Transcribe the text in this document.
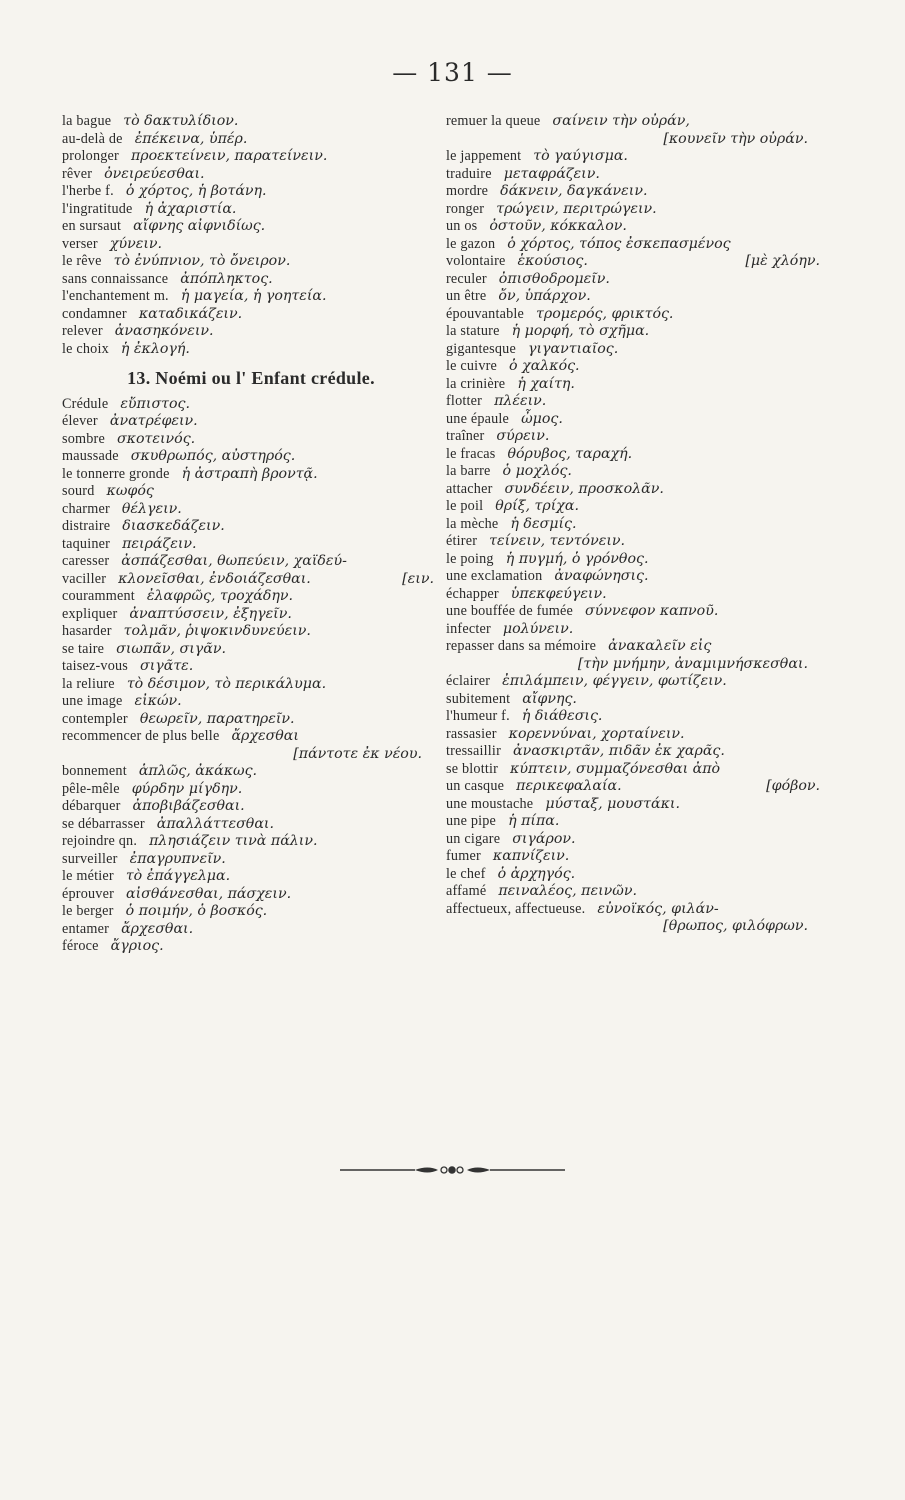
— 131 —
la bague τὸ δακτυλίδιον.
au-delà de ἐπέκεινα, ὑπέρ.
prolonger προεκτείνειν, παρατείνειν.
rêver ὀνειρεύεσθαι.
l'herbe f. ὁ χόρτος, ἡ βοτάνη.
l'ingratitude ἡ ἀχαριστία.
en sursaut αἴφνης αἰφνιδίως.
verser χύνειν.
le rêve τὸ ἐνύπνιον, τὸ ὄνειρον.
sans connaissance ἀπόπληκτος.
l'enchantement m. ἡ μαγεία, ἡ γοητεία.
condamner καταδικάζειν.
relever ἀνασηκόνειν.
le choix ἡ ἐκλογή.
13. Noémi ou l' Enfant crédule.
Crédule εὔπιστος.
élever ἀνατρέφειν.
sombre σκοτεινός.
maussade σκυθρωπός, αὐστηρός.
le tonnerre gronde ἡ ἀστραπὴ βροντᾷ.
sourd κωφός
charmer θέλγειν.
distraire διασκεδάζειν.
taquiner πειράζειν.
caresser ἀσπάζεσθαι, θωπεύειν, χαϊδεύ-
vaciller κλονεῖσθαι, ἐνδοιάζεσθαι.	[ειν.
couramment ἐλαφρῶς, τροχάδην.
expliquer ἀναπτύσσειν, ἐξηγεῖν.
hasarder τολμᾶν, ῥιψοκινδυνεύειν.
se taire σιωπᾶν, σιγᾶν.
taisez-vous σιγᾶτε.
la reliure τὸ δέσιμον, τὸ περικάλυμα.
une image εἰκών.
contempler θεωρεῖν, παρατηρεῖν.
recommencer de plus belle ἄρχεσθαι
[πάντοτε ἐκ νέου.
bonnement ἁπλῶς, ἀκάκως.
pêle-mêle φύρδην μίγδην.
débarquer ἀποβιβάζεσθαι.
se débarrasser ἀπαλλάττεσθαι.
rejoindre qn. πλησιάζειν τινὰ πάλιν.
surveiller ἐπαγρυπνεῖν.
le métier τὸ ἐπάγγελμα.
éprouver αἰσθάνεσθαι, πάσχειν.
le berger ὁ ποιμήν, ὁ βοσκός.
entamer ἄρχεσθαι.
féroce ἄγριος.
remuer la queue σαίνειν τὴν οὐράν,
[κουνεῖν τὴν οὐράν.
le jappement τὸ γαύγισμα.
traduire μεταφράζειν.
mordre δάκνειν, δαγκάνειν.
ronger τρώγειν, περιτρώγειν.
un os ὀστοῦν, κόκκαλον.
le gazon ὁ χόρτος, τόπος ἐσκεπασμένος
volontaire ἑκούσιος.	[μὲ χλόην.
reculer ὀπισθοδρομεῖν.
un être ὄν, ὑπάρχον.
épouvantable τρομερός, φρικτός.
la stature ἡ μορφή, τὸ σχῆμα.
gigantesque γιγαντιαῖος.
le cuivre ὁ χαλκός.
la crinière ἡ χαίτη.
flotter πλέειν.
une épaule ὦμος.
traîner σύρειν.
le fracas θόρυβος, ταραχή.
la barre ὁ μοχλός.
attacher συνδέειν, προσκολᾶν.
le poil θρίξ, τρίχα.
la mèche ἡ δεσμίς.
étirer τείνειν, τεντόνειν.
le poing ἡ πυγμή, ὁ γρόνθος.
une exclamation ἀναφώνησις.
échapper ὑπεκφεύγειν.
une bouffée de fumée σύννεφον καπνοῦ.
infecter μολύνειν.
repasser dans sa mémoire ἀνακαλεῖν εἰς
[τὴν μνήμην, ἀναμιμνήσκεσθαι.
éclairer ἐπιλάμπειν, φέγγειν, φωτίζειν.
subitement αἴφνης.
l'humeur f. ἡ διάθεσις.
rassasier κορεννύναι, χορταίνειν.
tressaillir ἀνασκιρτᾶν, πιδᾶν ἐκ χαρᾶς.
se blottir κύπτειν, συμμαζόνεσθαι ἀπὸ
un casque περικεφαλαία.	[φόβον.
une moustache μύσταξ, μουστάκι.
une pipe ἡ πίπα.
un cigare σιγάρον.
fumer καπνίζειν.
le chef ὁ ἀρχηγός.
affamé πειναλέος, πεινῶν.
affectueux, affectueuse. εὐνοϊκός, φιλάν-
[θρωπος, φιλόφρων.
